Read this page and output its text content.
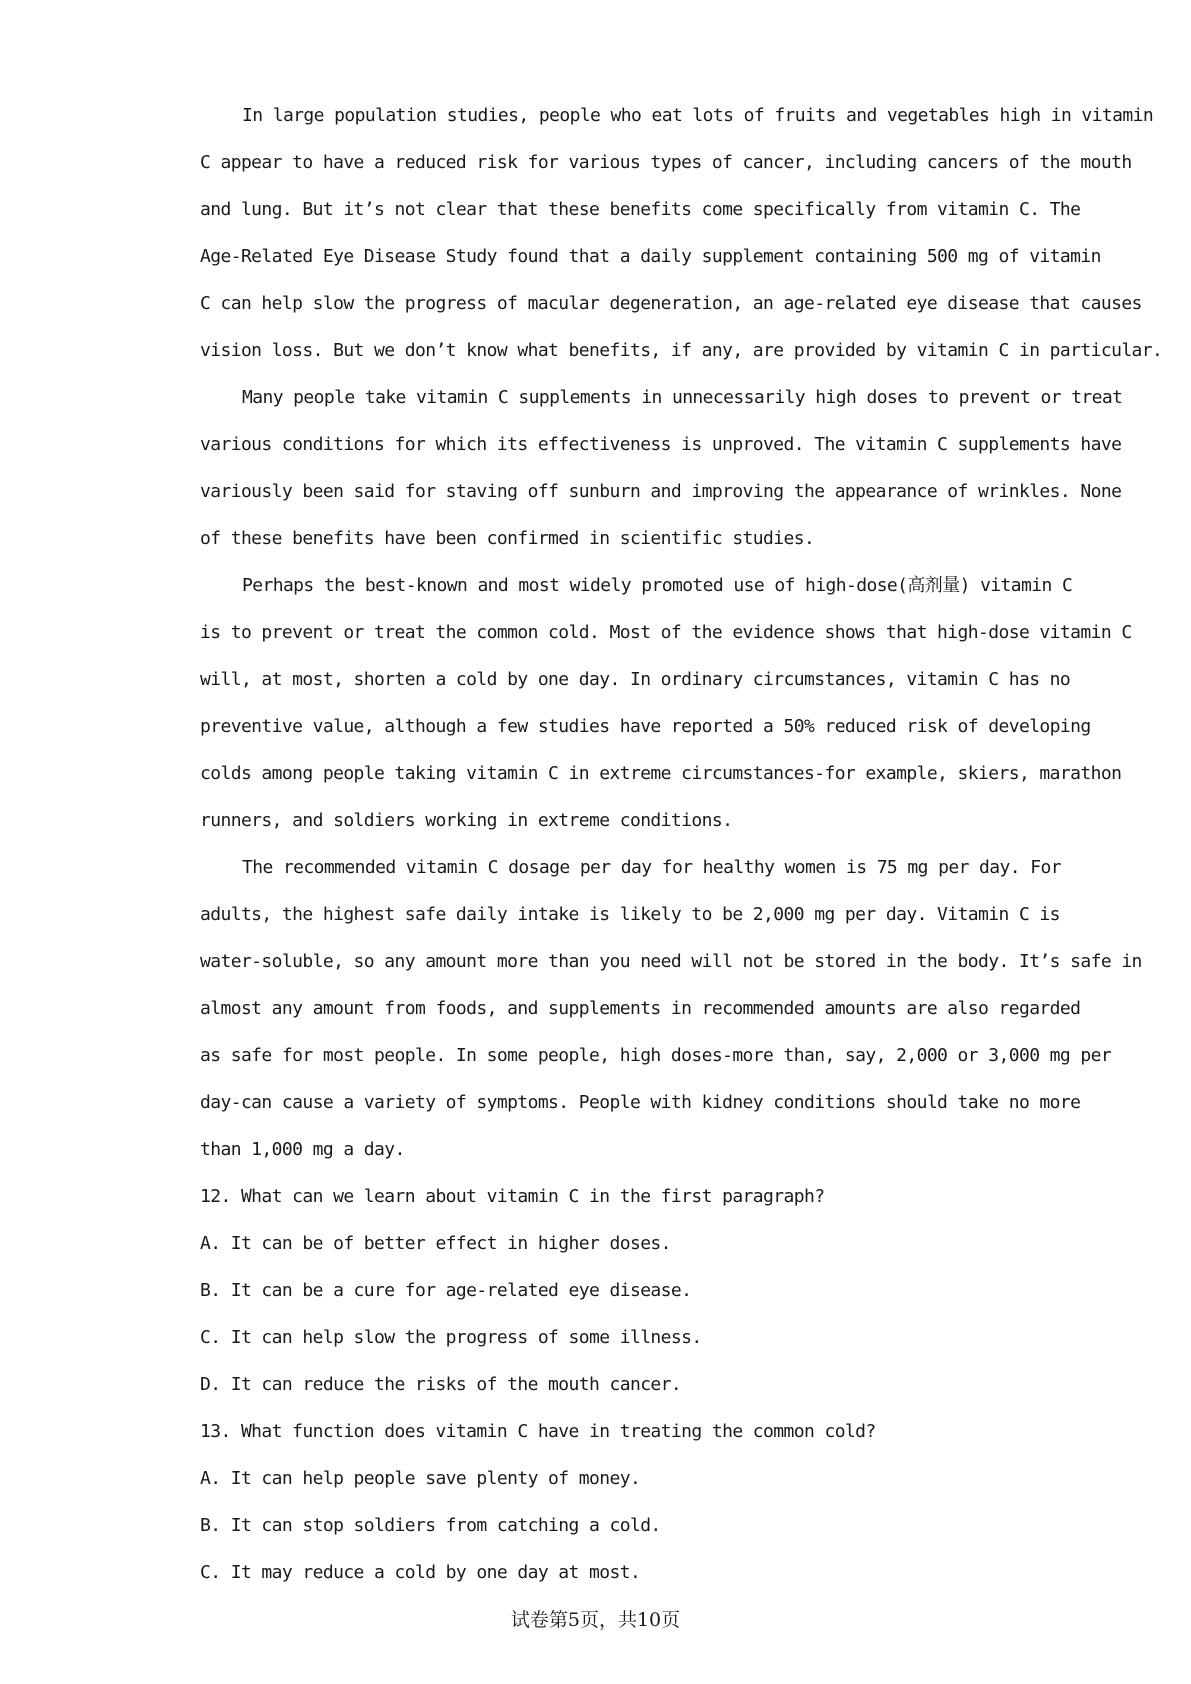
In large population studies, people who eat lots of fruits and vegetables high in vitamin
C appear to have a reduced risk for various types of cancer, including cancers of the mouth
and lung. But it’s not clear that these benefits come specifically from vitamin C. The
Age-Related Eye Disease Study found that a daily supplement containing 500 mg of vitamin
C can help slow the progress of macular degeneration, an age-related eye disease that causes
vision loss. But we don’t know what benefits, if any, are provided by vitamin C in particular.
Many people take vitamin C supplements in unnecessarily high doses to prevent or treat
various conditions for which its effectiveness is unproved. The vitamin C supplements have
variously been said for staving off sunburn and improving the appearance of wrinkles. None
of these benefits have been confirmed in scientific studies.
Perhaps the best-known and most widely promoted use of high-dose(高剂量) vitamin C
is to prevent or treat the common cold. Most of the evidence shows that high-dose vitamin C
will, at most, shorten a cold by one day. In ordinary circumstances, vitamin C has no
preventive value, although a few studies have reported a 50% reduced risk of developing
colds among people taking vitamin C in extreme circumstances-for example, skiers, marathon
runners, and soldiers working in extreme conditions.
The recommended vitamin C dosage per day for healthy women is 75 mg per day. For
adults, the highest safe daily intake is likely to be 2,000 mg per day. Vitamin C is
water-soluble, so any amount more than you need will not be stored in the body. It’s safe in
almost any amount from foods, and supplements in recommended amounts are also regarded
as safe for most people. In some people, high doses-more than, say, 2,000 or 3,000 mg per
day-can cause a variety of symptoms. People with kidney conditions should take no more
than 1,000 mg a day.
12. What can we learn about vitamin C in the first paragraph?
A. It can be of better effect in higher doses.
B. It can be a cure for age-related eye disease.
C. It can help slow the progress of some illness.
D. It can reduce the risks of the mouth cancer.
13. What function does vitamin C have in treating the common cold?
A. It can help people save plenty of money.
B. It can stop soldiers from catching a cold.
C. It may reduce a cold by one day at most.
试卷第5页，共10页
